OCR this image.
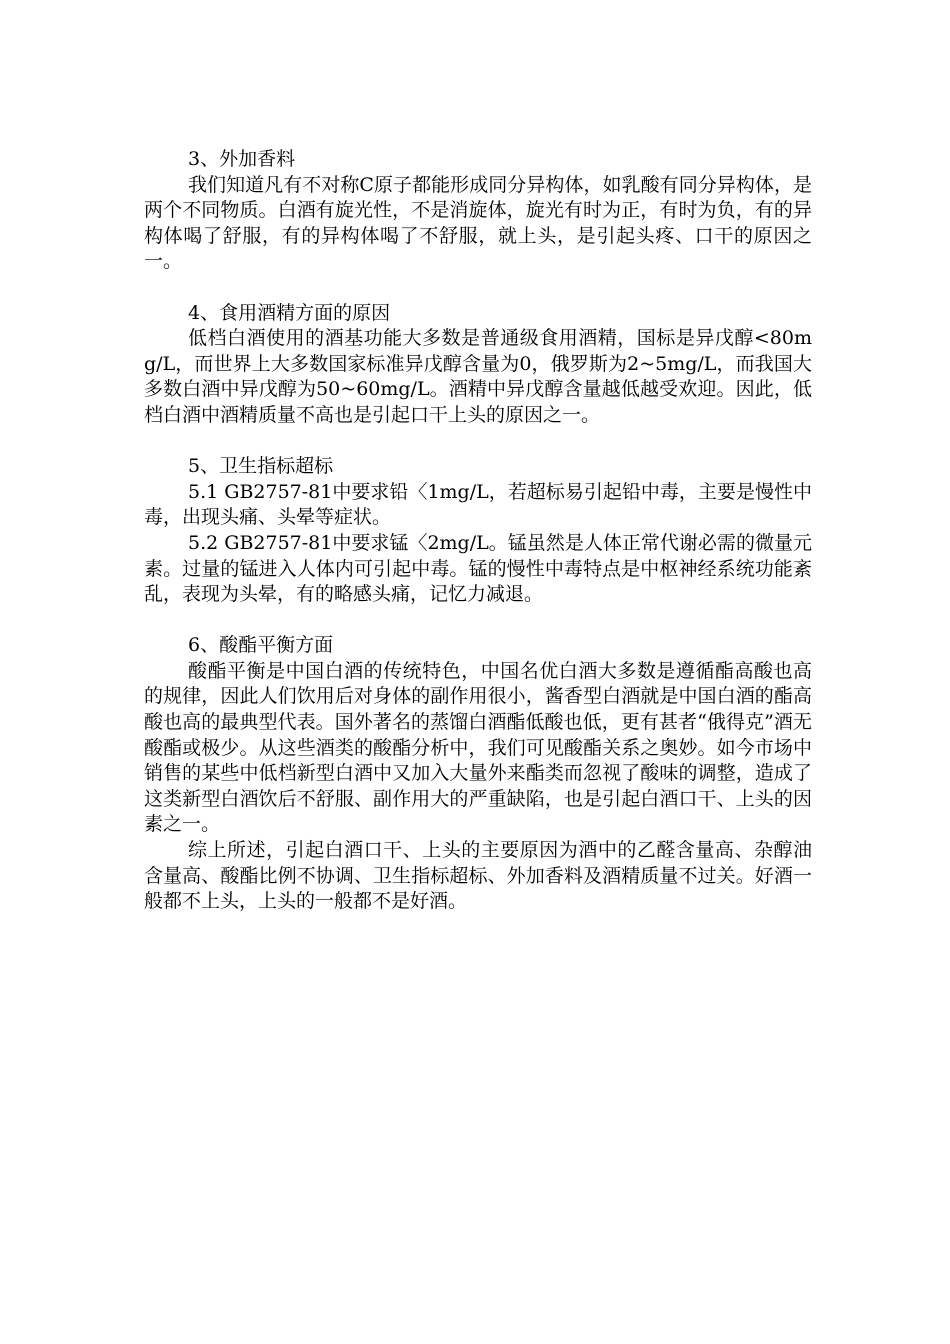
3、外加香料

我们知道凡有不对称C原子都能形成同分异构体，如乳酸有同分异构体，是两个不同物质。白酒有旋光性，不是消旋体，旋光有时为正，有时为负，有的异构体喝了舒服，有的异构体喝了不舒服，就上头，是引起头疼、口干的原因之一。

4、食用酒精方面的原因

低档白酒使用的酒基功能大多数是普通级食用酒精，国标是异戊醇<80mg/L，而世界上大多数国家标准异戊醇含量为0，俄罗斯为2~5mg/L，而我国大多数白酒中异戊醇为50~60mg/L。酒精中异戊醇含量越低越受欢迎。因此，低档白酒中酒精质量不高也是引起口干上头的原因之一。

5、卫生指标超标

5.1 GB2757-81中要求铅〈1mg/L，若超标易引起铅中毒，主要是慢性中毒，出现头痛、头晕等症状。

5.2 GB2757-81中要求锰〈2mg/L。锰虽然是人体正常代谢必需的微量元素。过量的锰进入人体内可引起中毒。锰的慢性中毒特点是中枢神经系统功能紊乱，表现为头晕，有的略感头痛，记忆力减退。

6、酸酯平衡方面

酸酯平衡是中国白酒的传统特色，中国名优白酒大多数是遵循酯高酸也高的规律，因此人们饮用后对身体的副作用很小，酱香型白酒就是中国白酒的酯高酸也高的最典型代表。国外著名的蒸馏白酒酯低酸也低，更有甚者“俄得克”酒无酸酯或极少。从这些酒类的酸酯分析中，我们可见酸酯关系之奥妙。如今市场中销售的某些中低档新型白酒中又加入大量外来酯类而忽视了酸味的调整，造成了这类新型白酒饮后不舒服、副作用大的严重缺陷，也是引起白酒口干、上头的因素之一。

综上所述，引起白酒口干、上头的主要原因为酒中的乙醛含量高、杂醇油含量高、酸酯比例不协调、卫生指标超标、外加香料及酒精质量不过关。好酒一般都不上头，上头的一般都不是好酒。
